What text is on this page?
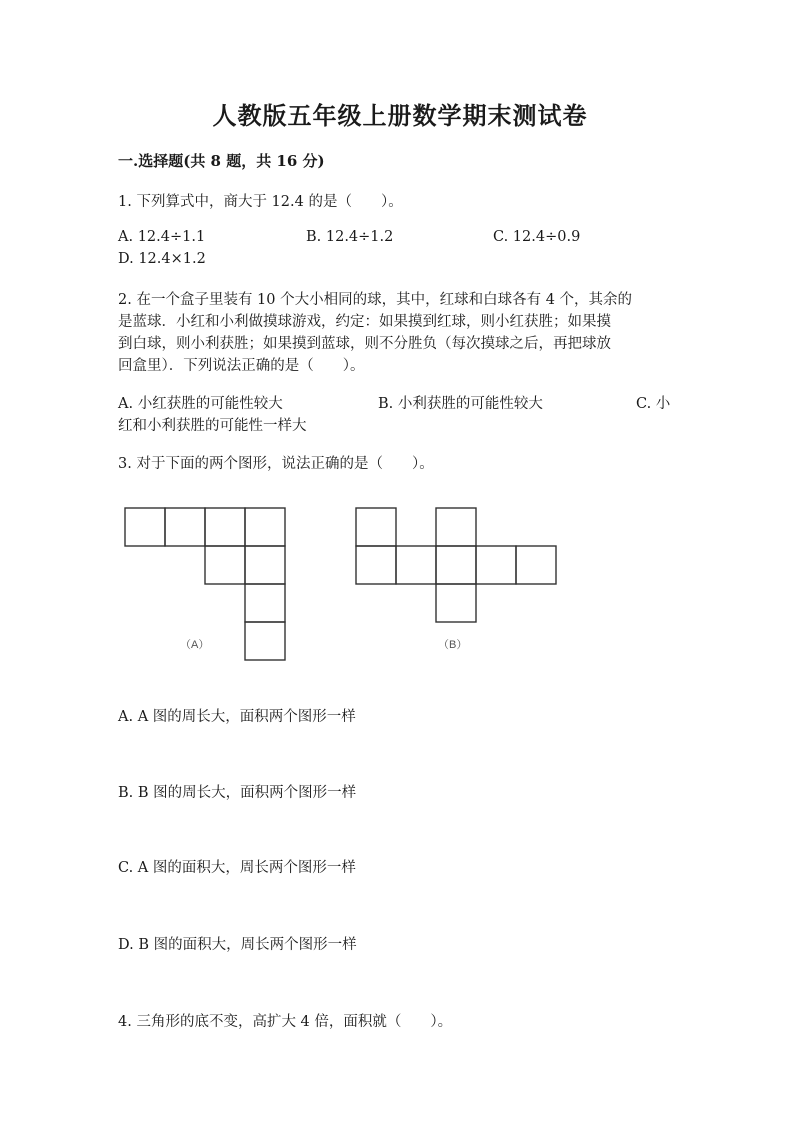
人教版五年级上册数学期末测试卷
一.选择题(共 8 题，共 16 分)
1. 下列算式中，商大于 12.4 的是（　　）。
A. 12.4÷1.1	B. 12.4÷1.2	C. 12.4÷0.9
D. 12.4×1.2
2. 在一个盒子里装有 10 个大小相同的球，其中，红球和白球各有 4 个，其余的
是蓝球．小红和小利做摸球游戏，约定：如果摸到红球，则小红获胜；如果摸
到白球，则小利获胜；如果摸到蓝球，则不分胜负（每次摸球之后，再把球放
回盒里）．下列说法正确的是（　　）。
A. 小红获胜的可能性较大	B. 小利获胜的可能性较大	C. 小
红和小利获胜的可能性一样大
3. 对于下面的两个图形，说法正确的是（　　）。
（A）	（B）
A. A 图的周长大，面积两个图形一样
B. B 图的周长大，面积两个图形一样
C. A 图的面积大，周长两个图形一样
D. B 图的面积大，周长两个图形一样
4. 三角形的底不变，高扩大 4 倍，面积就（　　）。
